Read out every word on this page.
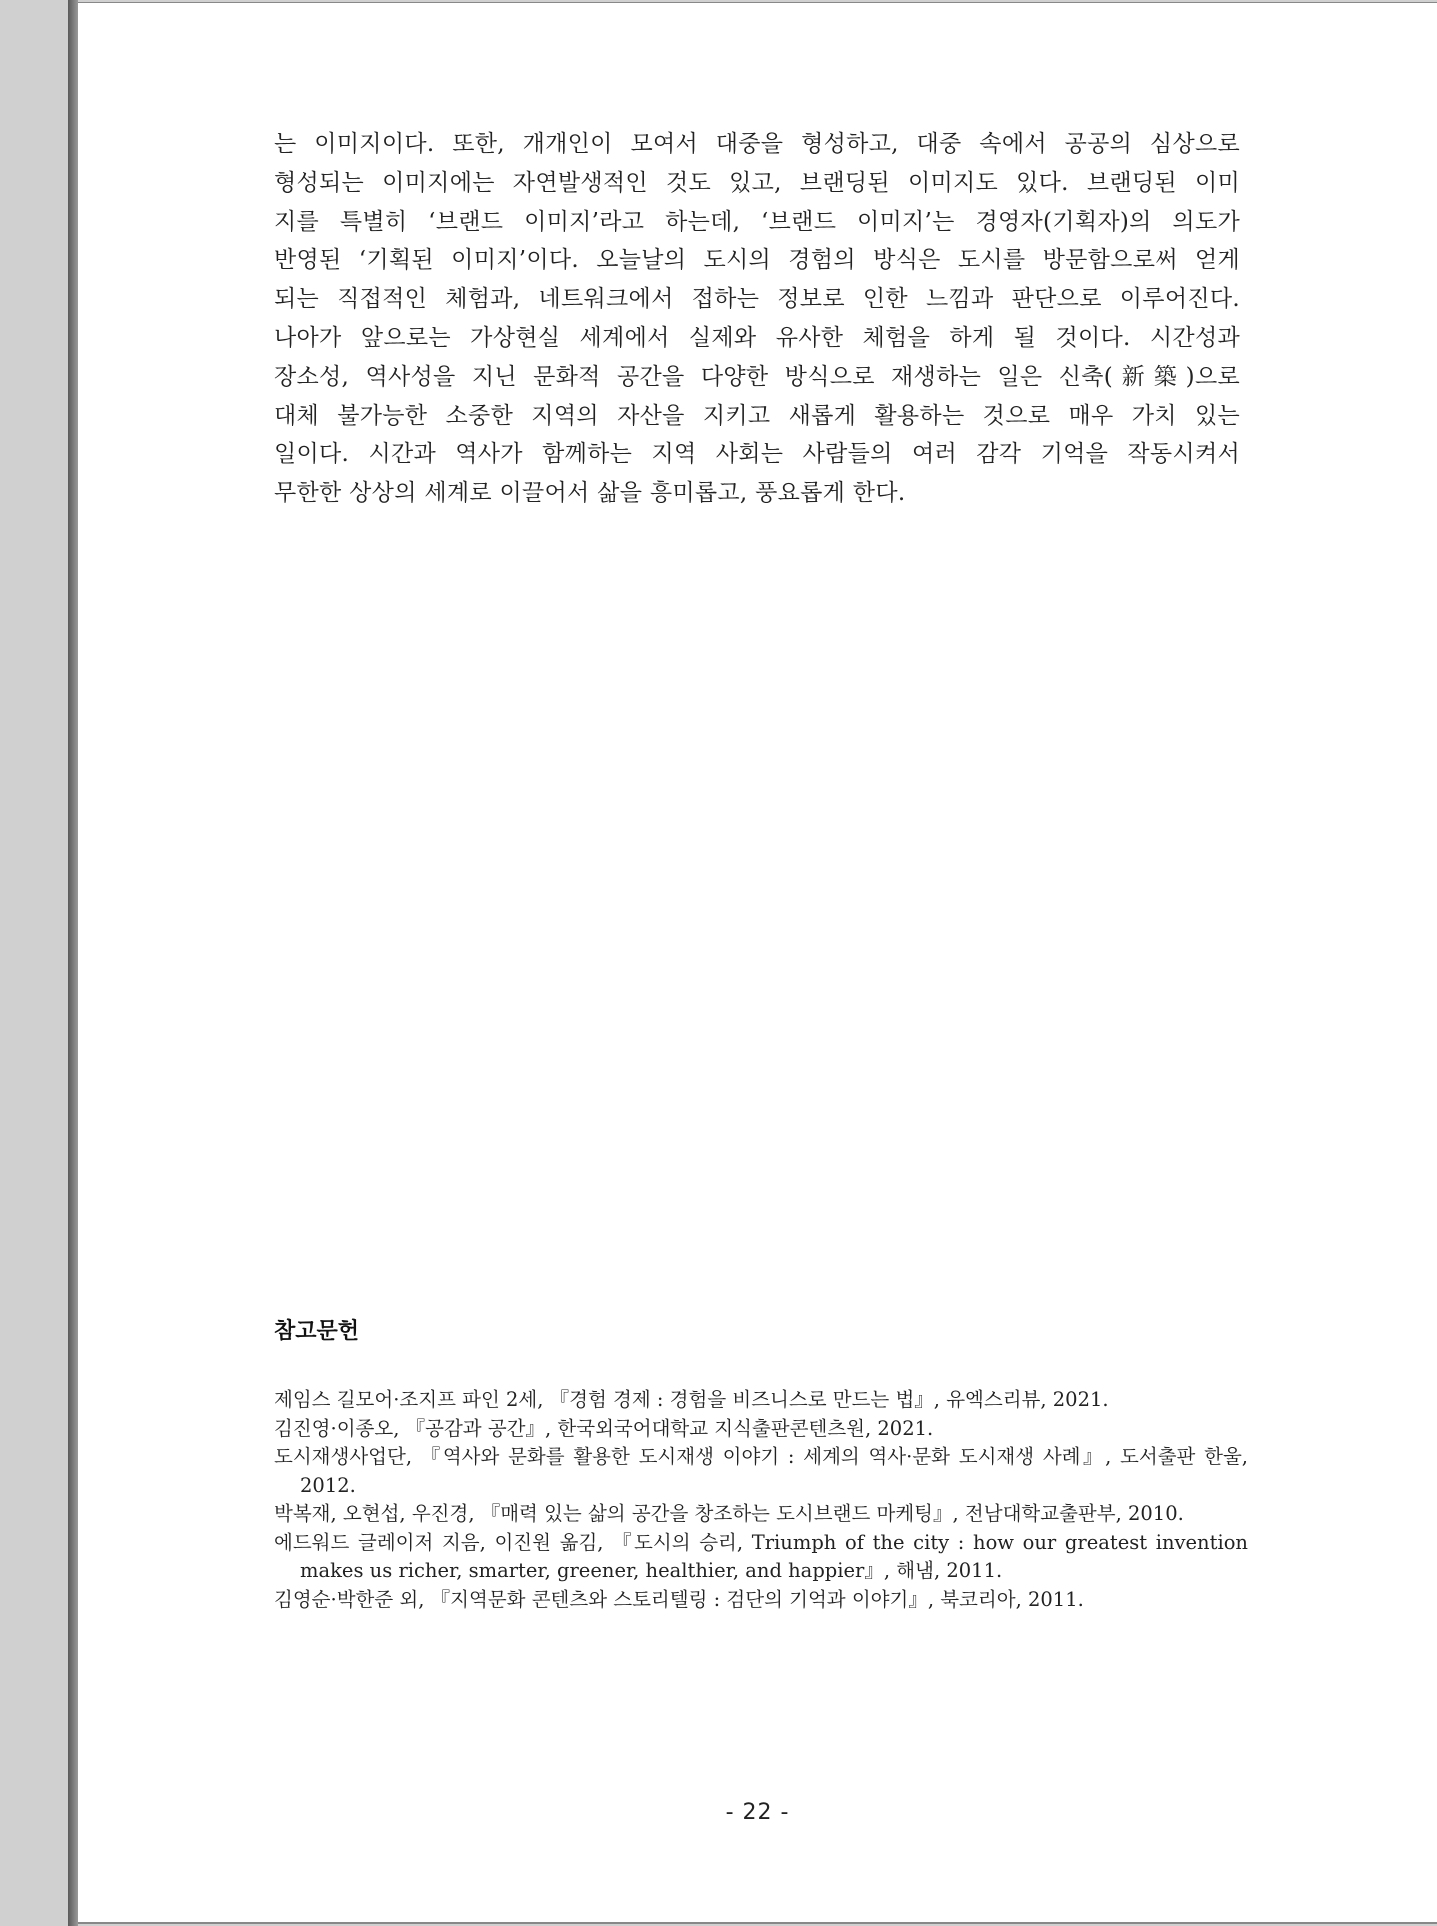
는 이미지이다. 또한, 개개인이 모여서 대중을 형성하고, 대중 속에서 공공의 심상으로
형성되는 이미지에는 자연발생적인 것도 있고, 브랜딩된 이미지도 있다. 브랜딩된 이미
지를 특별히 ‘브랜드 이미지’라고 하는데, ‘브랜드 이미지’는 경영자(기획자)의 의도가
반영된 ‘기획된 이미지’이다. 오늘날의 도시의 경험의 방식은 도시를 방문함으로써 얻게
되는 직접적인 체험과, 네트워크에서 접하는 정보로 인한 느낌과 판단으로 이루어진다.
나아가 앞으로는 가상현실 세계에서 실제와 유사한 체험을 하게 될 것이다. 시간성과
장소성, 역사성을 지닌 문화적 공간을 다양한 방식으로 재생하는 일은 신축(新築)으로
대체 불가능한 소중한 지역의 자산을 지키고 새롭게 활용하는 것으로 매우 가치 있는
일이다. 시간과 역사가 함께하는 지역 사회는 사람들의 여러 감각 기억을 작동시켜서
무한한 상상의 세계로 이끌어서 삶을 흥미롭고, 풍요롭게 한다.

참고문헌
제임스 길모어·조지프 파인 2세, 『경험 경제 : 경험을 비즈니스로 만드는 법』, 유엑스리뷰, 2021.
김진영·이종오, 『공감과 공간』, 한국외국어대학교 지식출판콘텐츠원, 2021.
도시재생사업단, 『역사와 문화를 활용한 도시재생 이야기 : 세계의 역사·문화 도시재생 사례』, 도서출판 한울, 2012.
박복재, 오현섭, 우진경, 『매력 있는 삶의 공간을 창조하는 도시브랜드 마케팅』, 전남대학교출판부, 2010.
에드워드 글레이저 지음, 이진원 옮김, 『도시의 승리, Triumph of the city : how our greatest invention makes us richer, smarter, greener, healthier, and happier』, 해냄, 2011.
김영순·박한준 외, 『지역문화 콘텐츠와 스토리텔링 : 검단의 기억과 이야기』, 북코리아, 2011.
- 22 -
